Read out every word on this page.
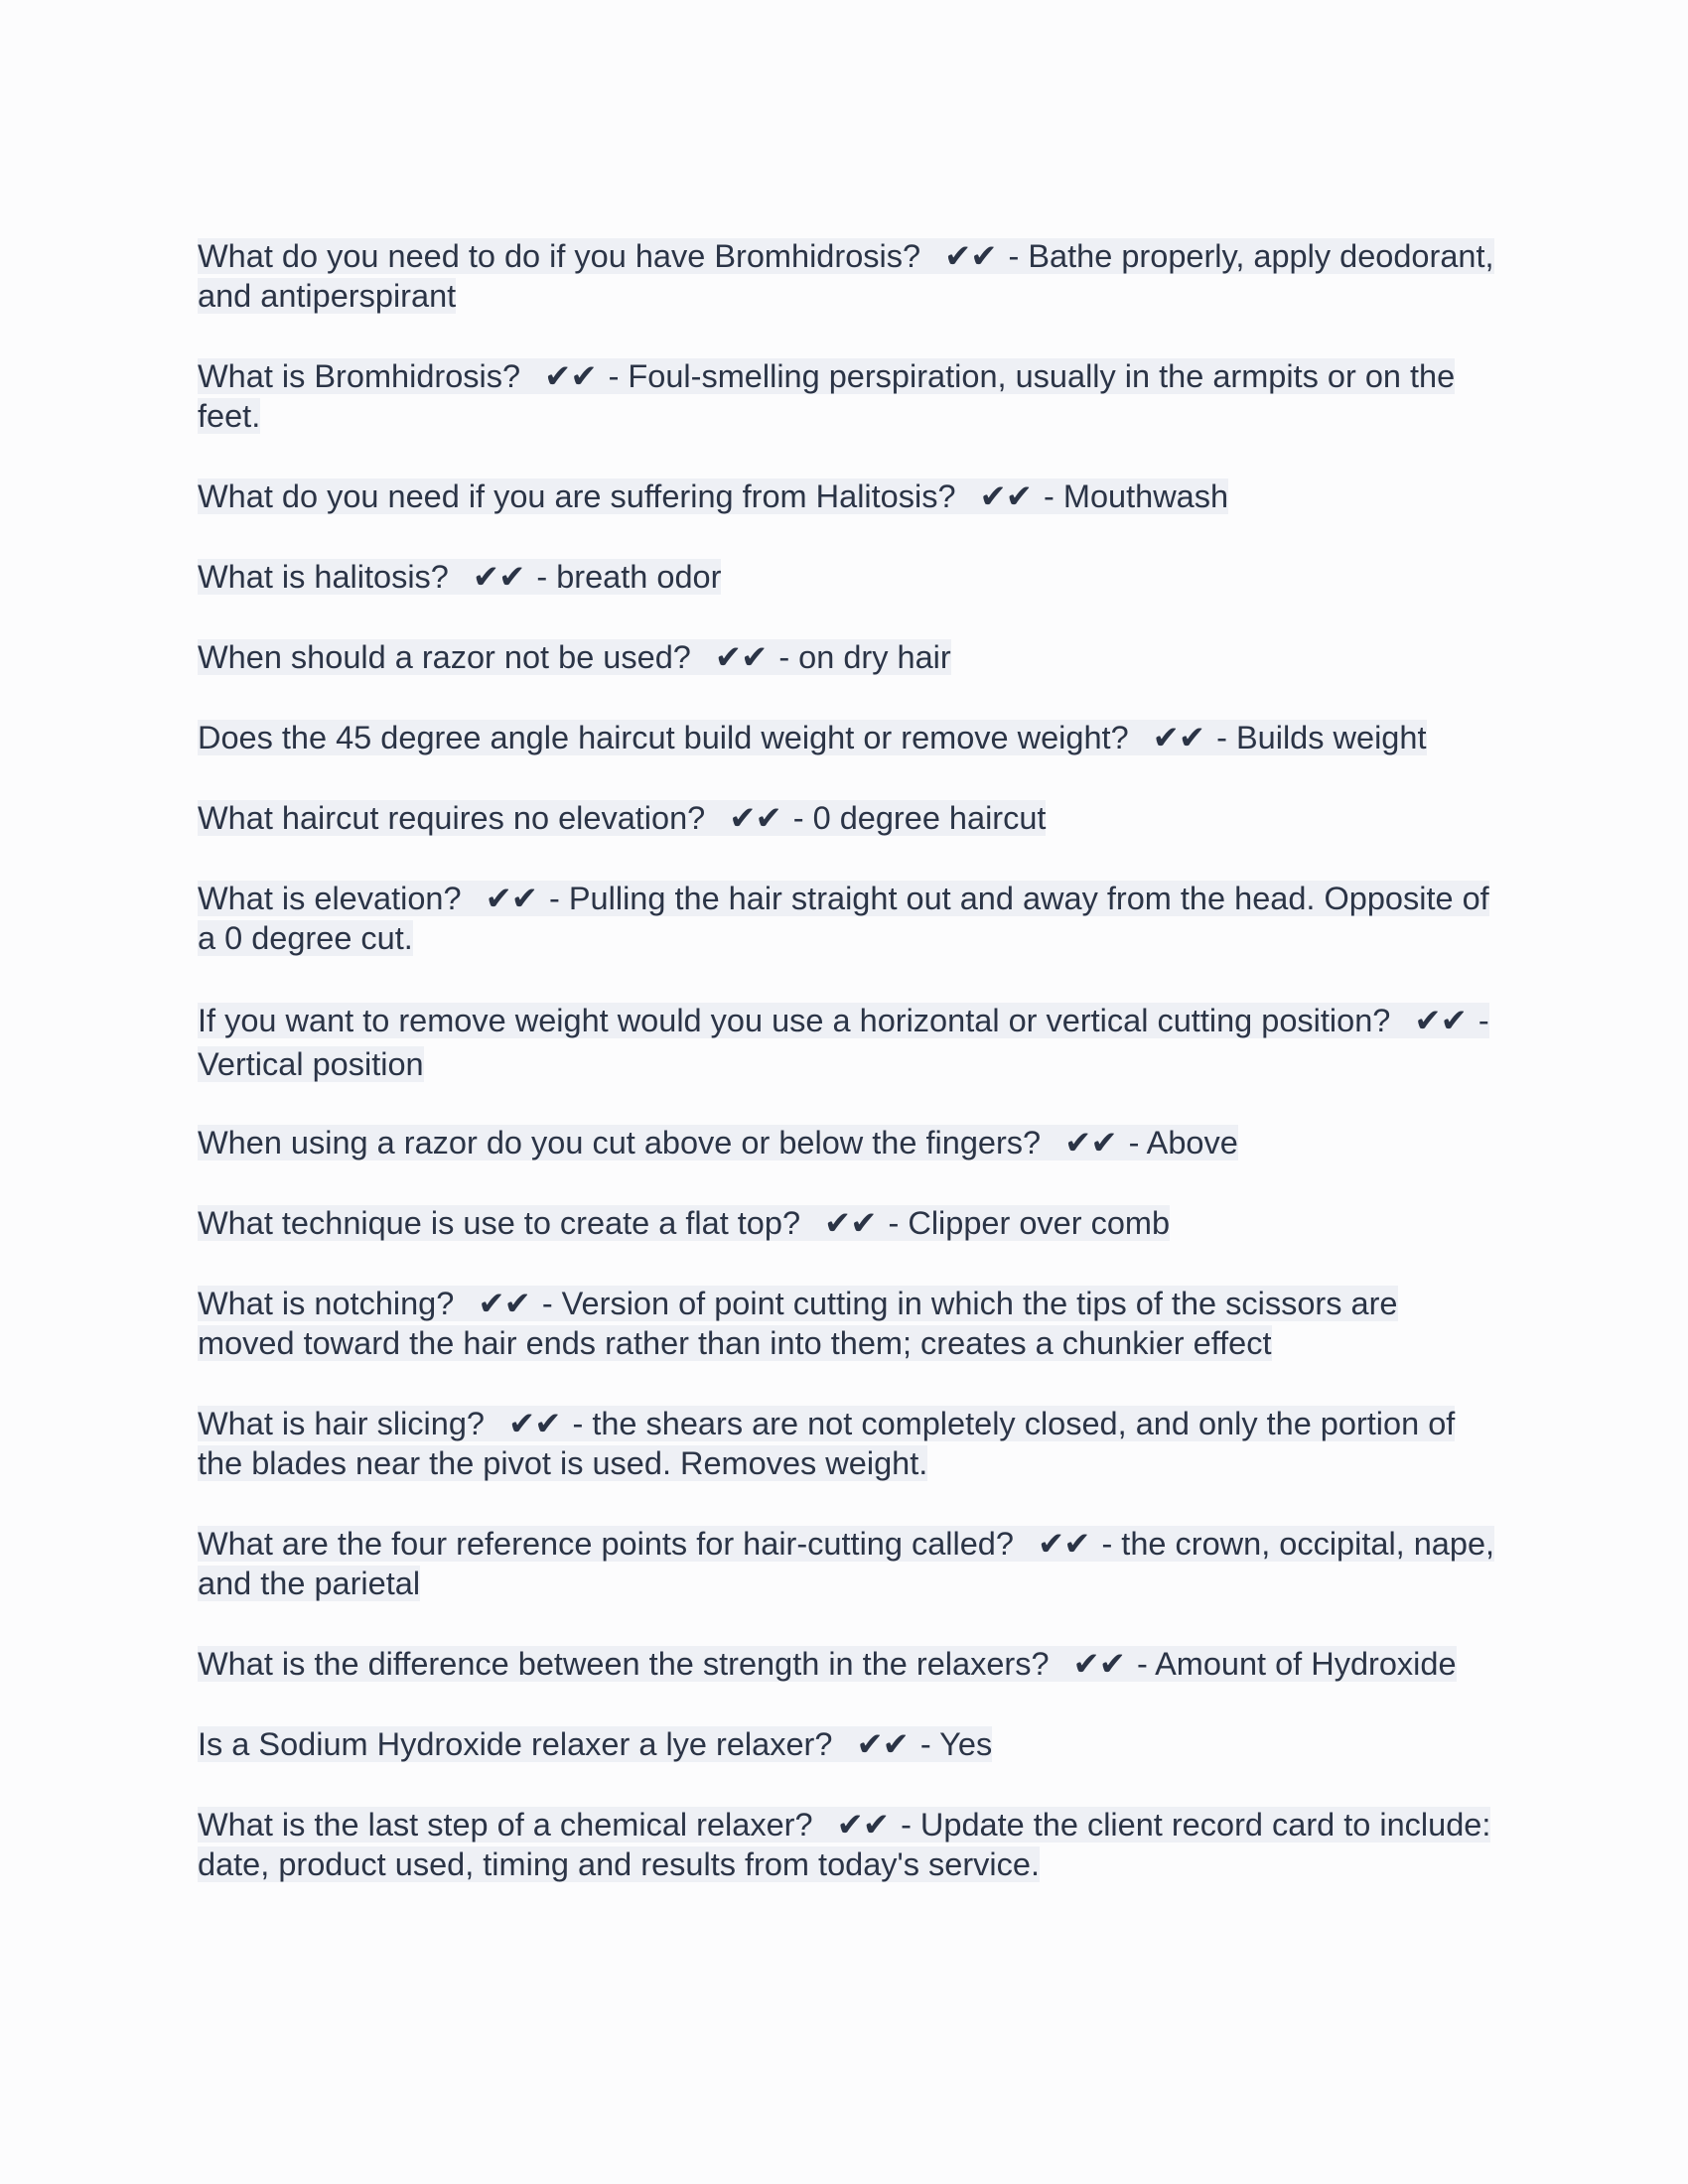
What do you need to do if you have Bromhidrosis? ✔✔ - Bathe properly, apply deodorant, and antiperspirant

What is Bromhidrosis? ✔✔ - Foul-smelling perspiration, usually in the armpits or on the feet.

What do you need if you are suffering from Halitosis? ✔✔ - Mouthwash

What is halitosis? ✔✔ - breath odor

When should a razor not be used? ✔✔ - on dry hair

Does the 45 degree angle haircut build weight or remove weight? ✔✔ - Builds weight

What haircut requires no elevation? ✔✔ - 0 degree haircut

What is elevation? ✔✔ - Pulling the hair straight out and away from the head. Opposite of a 0 degree cut.

If you want to remove weight would you use a horizontal or vertical cutting position? ✔✔ - Vertical position

When using a razor do you cut above or below the fingers? ✔✔ - Above

What technique is use to create a flat top? ✔✔ - Clipper over comb

What is notching? ✔✔ - Version of point cutting in which the tips of the scissors are moved toward the hair ends rather than into them; creates a chunkier effect

What is hair slicing? ✔✔ - the shears are not completely closed, and only the portion of the blades near the pivot is used. Removes weight.

What are the four reference points for hair-cutting called? ✔✔ - the crown, occipital, nape, and the parietal

What is the difference between the strength in the relaxers? ✔✔ - Amount of Hydroxide

Is a Sodium Hydroxide relaxer a lye relaxer? ✔✔ - Yes

What is the last step of a chemical relaxer? ✔✔ - Update the client record card to include: date, product used, timing and results from today's service.
